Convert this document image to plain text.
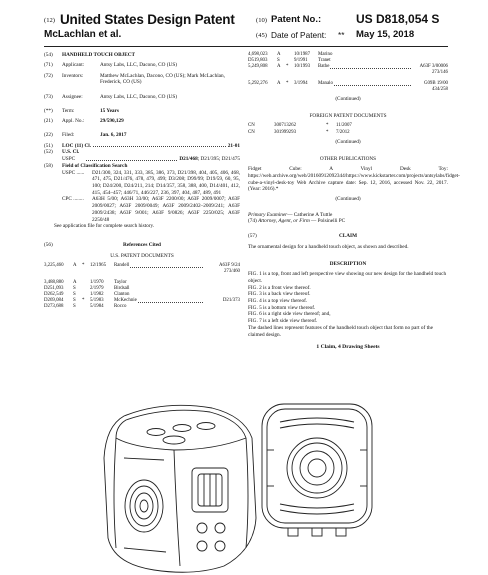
(12) United States Design Patent	(10) Patent No.:	US D818,054 S
McLachlan et al.	(45) Date of Patent: ** May 15, 2018
(54)	HANDHELD TOUCH OBJECT
(71)	Applicant:	Antsy Labs, LLC, Dacono, CO (US)
(72)	Inventors:	Matthew McLachlan, Dacono, CO (US); Mark McLachlan, Frederick, CO (US)
(73)	Assignee:	Antsy Labs, LLC, Dacono, CO (US)
(**)	Term:	15 Years
(21)	Appl. No.:	29/590,129
(22)	Filed:	Jan. 6, 2017
(51)	LOC (11) Cl.	21-01
(52)	U.S. Cl.
USPC	D21/468 ; D21/395; D21/475
(58)	Field of Classification Search
USPC ......	D21/300, 324, 331, 333, 385, 386, 373, D21/398, 404, 405, 406, 468, 471, 475, D21/476, 478, 479, 499; D3/208; D99/99; D19/59, 60, 95, 100; D24/200, D24/211, 214; D14/357, 358, 388, 400, D14/401, 412, 415, 454–457; 446/71, 446/227, 236, 397, 404, 487, 489, 491
CPC ........	A63H 5/00; A63H 33/00; A63F 2200/00; A63F 2009/0007; A63F 2009/0027; A63F 2009/0049; A63F 2009/2402–2009/241; A63F 2009/2438; A63F 9/001; A63F 9/0826; A63F 2250/025; A63F 2250/48
See application file for complete search history.
(56)	References Cited
U.S. PATENT DOCUMENTS
3,225,460	A	*	12/1965	Randell	A63F 9/24
273/460
3,488,880	A	1/1970	Taylor
D251,093	S	2/1979	Birdsall
D262,549	S	1/1982	Clanton
D269,084	S	*	5/1983	McKechnie	D21/373
D273,688	S	5/1984	Rocco
4,698,023	A	10/1987	Marino
D519,803	S	9/1991	Tranet
5,249,808	A	*	10/1993	Bathe	A63F 3/00006
273/146
5,292,276	A	*	3/1994	Manalo	G09B 19/00
434/258
(Continued)
FOREIGN PATENT DOCUMENTS
CN	300713262	*	11/2007
CN	301999293	*	7/2012
(Continued)
OTHER PUBLICATIONS

Fidget Cube: A Vinyl Desk Toy: https://web.archive.org/web/20160912092344/https://www.kickstarter.com/projects/antsylabs/fidget-cube-a-vinyl-desk-toy Web Archive capture date: Sep. 12, 2016, accessed Nov. 22, 2017. (Year: 2016).*

(Continued)
Primary Examiner— Catherine A Tuttle
(74) Attorney, Agent, or Firm — Polsinelli PC
(57)	CLAIM

The ornamental design for a handheld touch object, as shown and described.

DESCRIPTION

FIG. 1 is a top, front and left perspective view showing our new design for the handheld touch object.

FIG. 2 is a front view thereof.

FIG. 3 is a back view thereof.

FIG. 4 is a top view thereof.

FIG. 5 is a bottom view thereof.

FIG. 6 is a right side view thereof; and,

FIG. 7 is a left side view thereof.

The dashed lines represent features of the handheld touch object that form no part of the claimed design.

1 Claim, 4 Drawing Sheets
